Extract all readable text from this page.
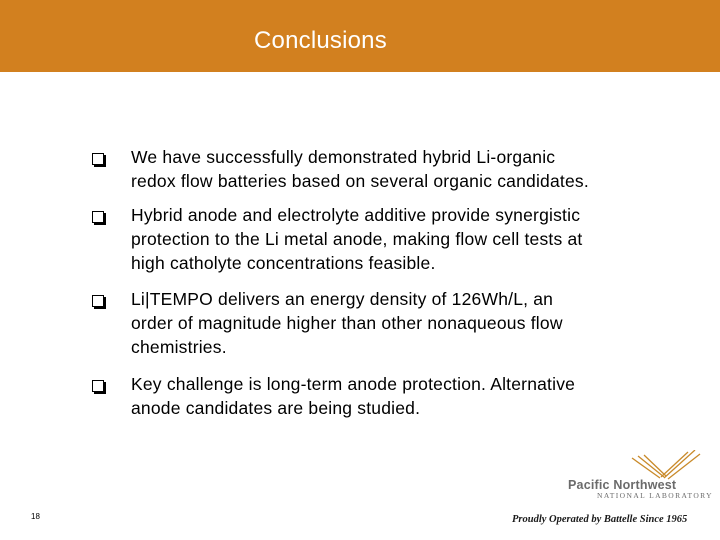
Conclusions
We have successfully demonstrated hybrid Li-organic
redox flow batteries based on several organic candidates.
Hybrid anode and electrolyte additive provide synergistic
protection to the Li metal anode, making flow cell tests at
high catholyte concentrations feasible.
Li|TEMPO delivers an energy density of 126Wh/L, an
order of magnitude higher than other nonaqueous flow
chemistries.
Key challenge is long-term anode protection. Alternative
anode candidates are being studied.
18
Pacific Northwest
NATIONAL LABORATORY
Proudly Operated by Battelle Since 1965
